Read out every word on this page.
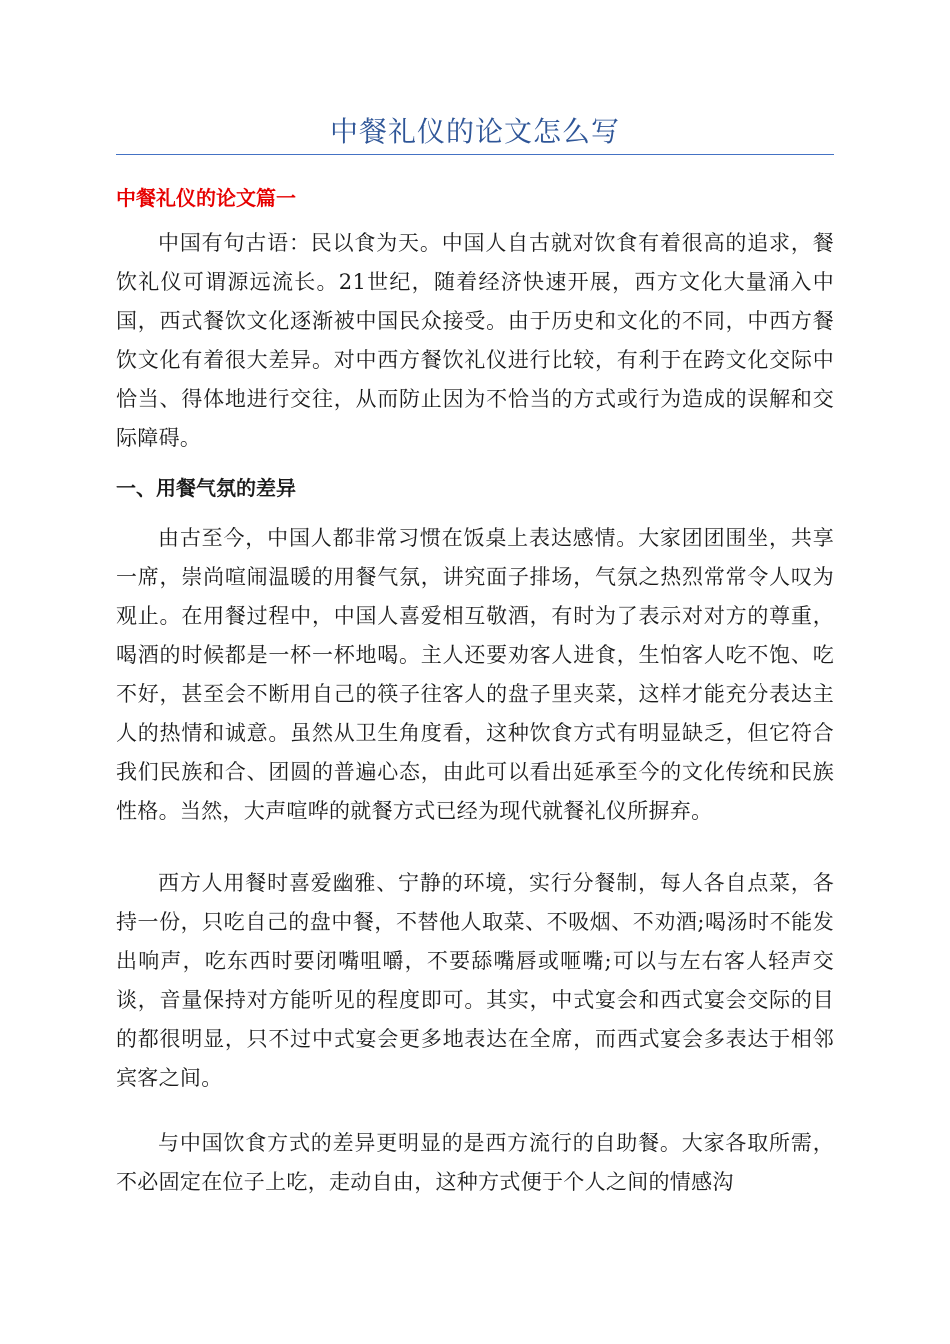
中餐礼仪的论文怎么写
中餐礼仪的论文篇一

中国有句古语：民以食为天。中国人自古就对饮食有着很高的追求，餐饮礼仪可谓源远流长。21世纪，随着经济快速开展，西方文化大量涌入中国，西式餐饮文化逐渐被中国民众接受。由于历史和文化的不同，中西方餐饮文化有着很大差异。对中西方餐饮礼仪进行比较，有利于在跨文化交际中恰当、得体地进行交往，从而防止因为不恰当的方式或行为造成的误解和交际障碍。

一、用餐气氛的差异

由古至今，中国人都非常习惯在饭桌上表达感情。大家团团围坐，共享一席，崇尚喧闹温暖的用餐气氛，讲究面子排场，气氛之热烈常常令人叹为观止。在用餐过程中，中国人喜爱相互敬酒，有时为了表示对对方的尊重，喝酒的时候都是一杯一杯地喝。主人还要劝客人进食，生怕客人吃不饱、吃不好，甚至会不断用自己的筷子往客人的盘子里夹菜，这样才能充分表达主人的热情和诚意。虽然从卫生角度看，这种饮食方式有明显缺乏，但它符合我们民族和合、团圆的普遍心态，由此可以看出延承至今的文化传统和民族性格。当然，大声喧哗的就餐方式已经为现代就餐礼仪所摒弃。

西方人用餐时喜爱幽雅、宁静的环境，实行分餐制，每人各自点菜，各持一份，只吃自己的盘中餐，不替他人取菜、不吸烟、不劝酒;喝汤时不能发出响声，吃东西时要闭嘴咀嚼，不要舔嘴唇或咂嘴;可以与左右客人轻声交谈，音量保持对方能听见的程度即可。其实，中式宴会和西式宴会交际的目的都很明显，只不过中式宴会更多地表达在全席，而西式宴会多表达于相邻宾客之间。

与中国饮食方式的差异更明显的是西方流行的自助餐。大家各取所需，不必固定在位子上吃，走动自由，这种方式便于个人之间的情感沟
